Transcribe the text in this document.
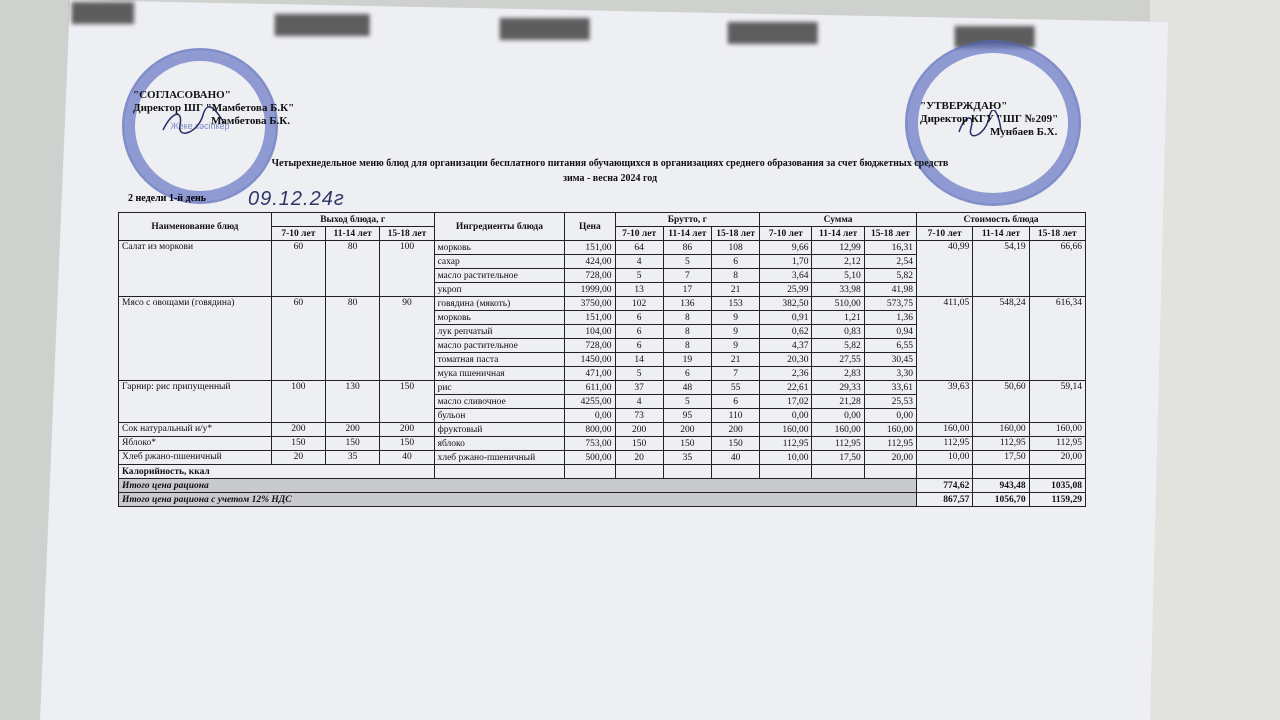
Жеке кәсіпкер
"СОГЛАСОВАНО"
Директор ШГ "Мамбетова Б.К"
Мамбетова Б.К.
"УТВЕРЖДАЮ"
Директор КГУ "ШГ №209"
Мунбаев Б.Х.
Четырехнедельное меню блюд для организации бесплатного питания обучающихся в организациях среднего образования за счет бюджетных средств
зима - весна 2024 год
2 недели 1-й день 09.12.24г
Наименование блюд	Выход блюда, г			Ингредиенты блюда	Цена	Брутто, г			Сумма			Стоимость блюда		
	7-10 лет	11-14 лет	15-18 лет			7-10 лет	11-14 лет	15-18 лет	7-10 лет	11-14 лет	15-18 лет	7-10 лет	11-14 лет	15-18 лет
Салат из моркови	60	80	100	морковь	151,00	64	86	108	9,66	12,99	16,31	40,99	54,19	66,66
				сахар	424,00	4	5	6	1,70	2,12	2,54			
				масло растительное	728,00	5	7	8	3,64	5,10	5,82			
				укроп	1999,00	13	17	21	25,99	33,98	41,98			
Мясо с овощами (говядина)	60	80	90	говядина (мякоть)	3750,00	102	136	153	382,50	510,00	573,75	411,05	548,24	616,34
				морковь	151,00	6	8	9	0,91	1,21	1,36			
				лук репчатый	104,00	6	8	9	0,62	0,83	0,94			
				масло растительное	728,00	6	8	9	4,37	5,82	6,55			
				томатная паста	1450,00	14	19	21	20,30	27,55	30,45			
				мука пшеничная	471,00	5	6	7	2,36	2,83	3,30			
Гарнир: рис припущенный	100	130	150	рис	611,00	37	48	55	22,61	29,33	33,61	39,63	50,60	59,14
				масло сливочное	4255,00	4	5	6	17,02	21,28	25,53			
				бульон	0,00	73	95	110	0,00	0,00	0,00			
Сок натуральный и/у*	200	200	200	фруктовый	800,00	200	200	200	160,00	160,00	160,00	160,00	160,00	160,00
Яблоко*	150	150	150	яблоко	753,00	150	150	150	112,95	112,95	112,95	112,95	112,95	112,95
Хлеб ржано-пшеничный	20	35	40	хлеб ржано-пшеничный	500,00	20	35	40	10,00	17,50	20,00	10,00	17,50	20,00
Калорийность, ккал														
Итого цена рациона												774,62	943,48	1035,08
Итого цена рациона с учетом 12% НДС												867,57	1056,70	1159,29
